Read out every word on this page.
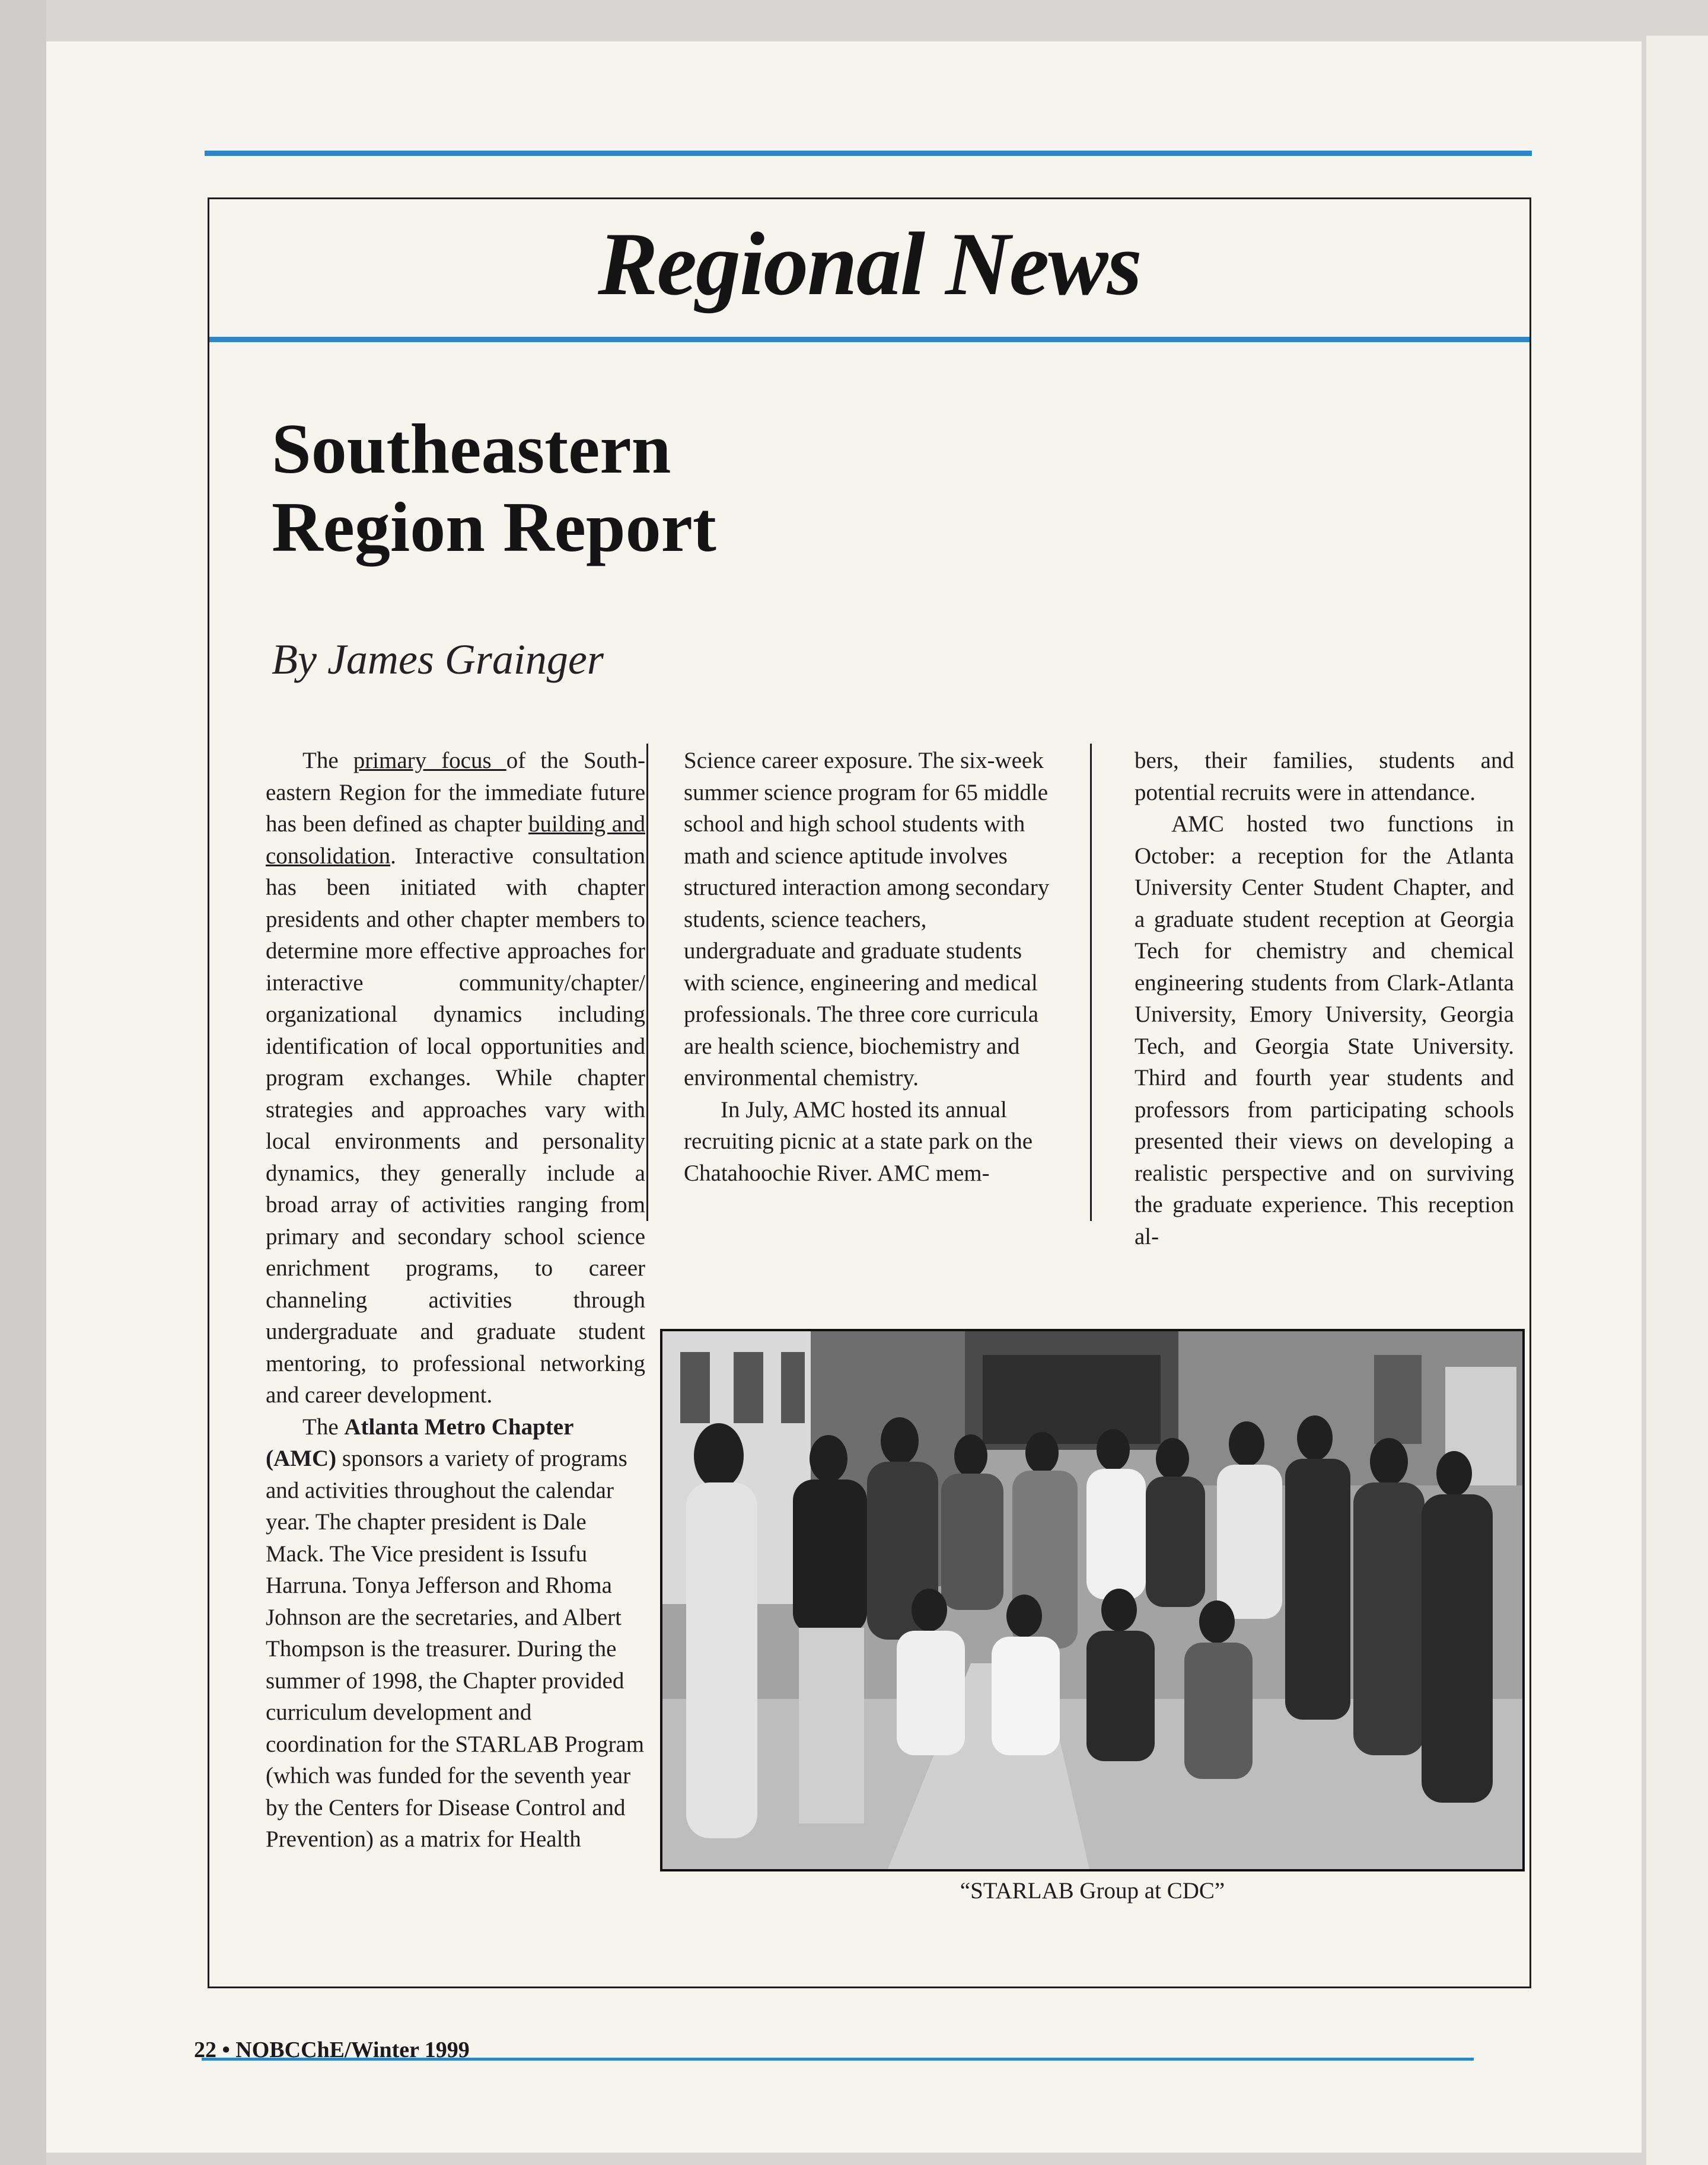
Regional News
Southeastern
Region Report

By James Grainger

The primary focus of the South-eastern Region for the immediate future has been defined as chapter building and consolidation. Interactive consultation has been initiated with chapter presidents and other chapter members to determine more effective approaches for interactive community/chapter/ organizational dynamics including identification of local opportunities and program exchanges. While chapter strategies and approaches vary with local environments and personality dynamics, they generally include a broad array of activities ranging from primary and secondary school science enrichment programs, to career channeling activities through undergraduate and graduate student mentoring, to professional networking and career development.

The Atlanta Metro Chapter (AMC) sponsors a variety of programs and activities throughout the calendar year. The chapter president is Dale Mack. The Vice president is Issufu Harruna. Tonya Jefferson and Rhoma Johnson are the secretaries, and Albert Thompson is the treasurer. During the summer of 1998, the Chapter provided curriculum development and coordination for the STARLAB Program (which was funded for the seventh year by the Centers for Disease Control and Prevention) as a matrix for Health

Science career exposure. The six-week summer science program for 65 middle school and high school students with math and science aptitude involves structured interaction among secondary students, science teachers, undergraduate and graduate students with science, engineering and medical professionals. The three core curricula are health science, biochemistry and environmental chemistry.

In July, AMC hosted its annual recruiting picnic at a state park on the Chatahoochie River. AMC mem-

bers, their families, students and potential recruits were in attendance.

AMC hosted two functions in October: a reception for the Atlanta University Center Student Chapter, and a graduate student reception at Georgia Tech for chemistry and chemical engineering students from Clark-Atlanta University, Emory University, Georgia Tech, and Georgia State University. Third and fourth year students and professors from participating schools presented their views on developing a realistic perspective and on surviving the graduate experience. This reception al-

“STARLAB Group at CDC”

22 • NOBCChE/Winter 1999
